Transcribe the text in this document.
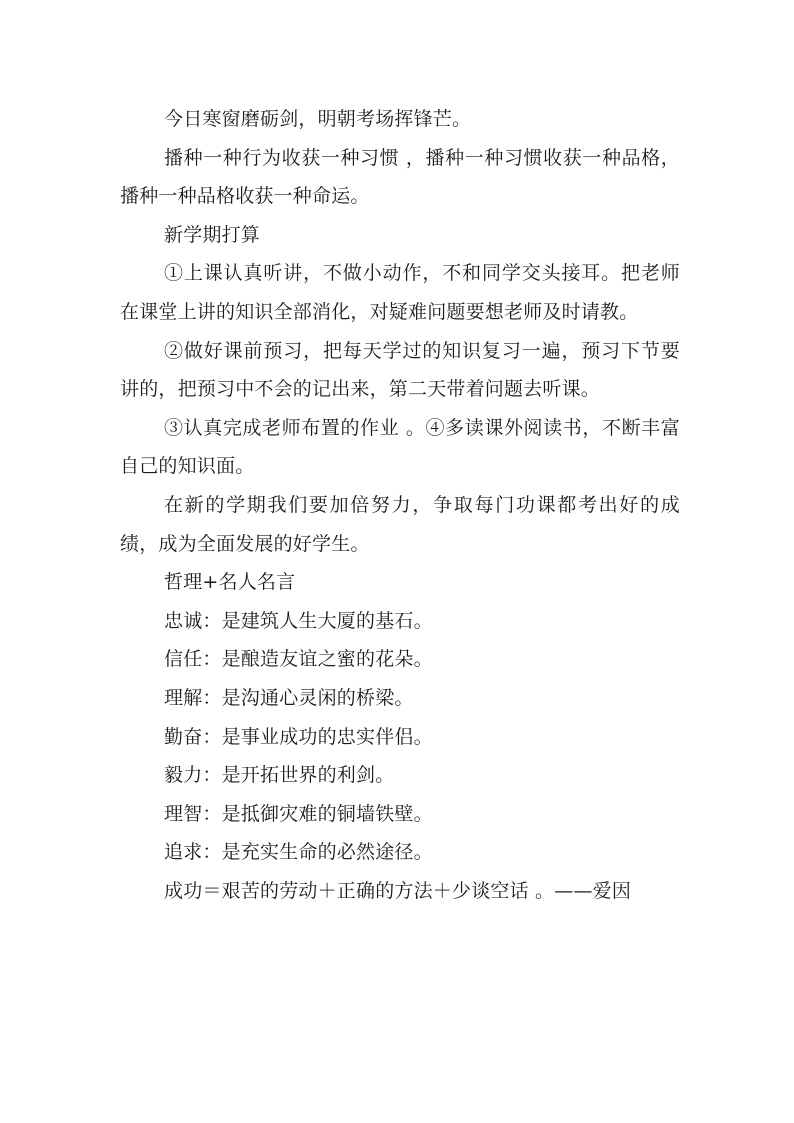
今日寒窗磨砺剑，明朝考场挥锋芒。

播种一种行为收获一种习惯 ，播种一种习惯收获一种品格，播种一种品格收获一种命运。

新学期打算

①上课认真听讲，不做小动作，不和同学交头接耳。把老师在课堂上讲的知识全部消化，对疑难问题要想老师及时请教。

②做好课前预习，把每天学过的知识复习一遍，预习下节要讲的，把预习中不会的记出来，第二天带着问题去听课。

③认真完成老师布置的作业 。④多读课外阅读书，不断丰富自己的知识面。

在新的学期我们要加倍努力，争取每门功课都考出好的成绩，成为全面发展的好学生。

哲理+名人名言

忠诚：是建筑人生大厦的基石。

信任：是酿造友谊之蜜的花朵。

理解：是沟通心灵闲的桥梁。

勤奋：是事业成功的忠实伴侣。

毅力：是开拓世界的利剑。

理智：是抵御灾难的铜墙铁壁。

追求：是充实生命的必然途径。

成功＝艰苦的劳动＋正确的方法＋少谈空话 。——爱因
